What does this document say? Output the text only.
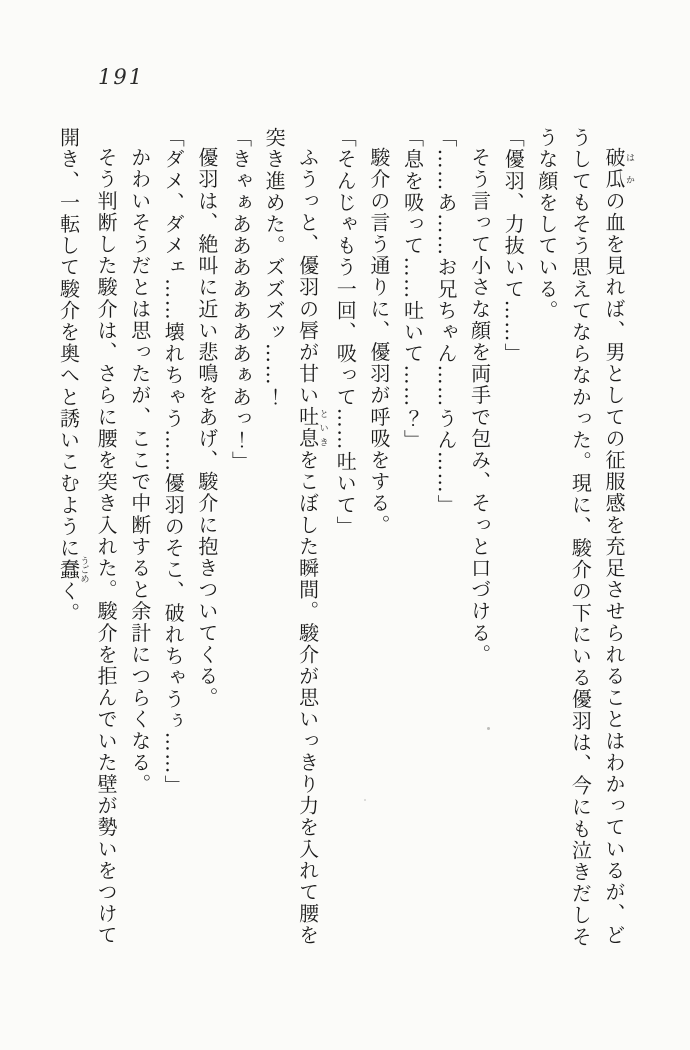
191

破瓜はかの血を見れば、男としての征服感を充足させられることはわかっているが、ど

うしてもそう思えてならなかった。現に、駿介の下にいる優羽は、今にも泣きだしそ

うな顔をしている。

「優羽、力抜いて……」

そう言って小さな顔を両手で包み、そっと口づける。

「……あ……お兄ちゃん……うん……」

「息を吸って……吐いて……？」

駿介の言う通りに、優羽が呼吸をする。

「そんじゃもう一回、吸って……吐いて」

ふうっと、優羽の唇が甘い吐息といきをこぼした瞬間。駿介が思いっきり力を入れて腰を

突き進めた。ズズズッ……！

「きゃぁあああああああぁあっ！」

優羽は、絶叫に近い悲鳴をあげ、駿介に抱きついてくる。

「ダメ、ダメェ……壊れちゃう……優羽のそこ、破れちゃうぅ……」

かわいそうだとは思ったが、ここで中断すると余計につらくなる。

そう判断した駿介は、さらに腰を突き入れた。駿介を拒んでいた壁が勢いをつけて

開き、一転して駿介を奥へと誘いこむように蠢うごめく。
